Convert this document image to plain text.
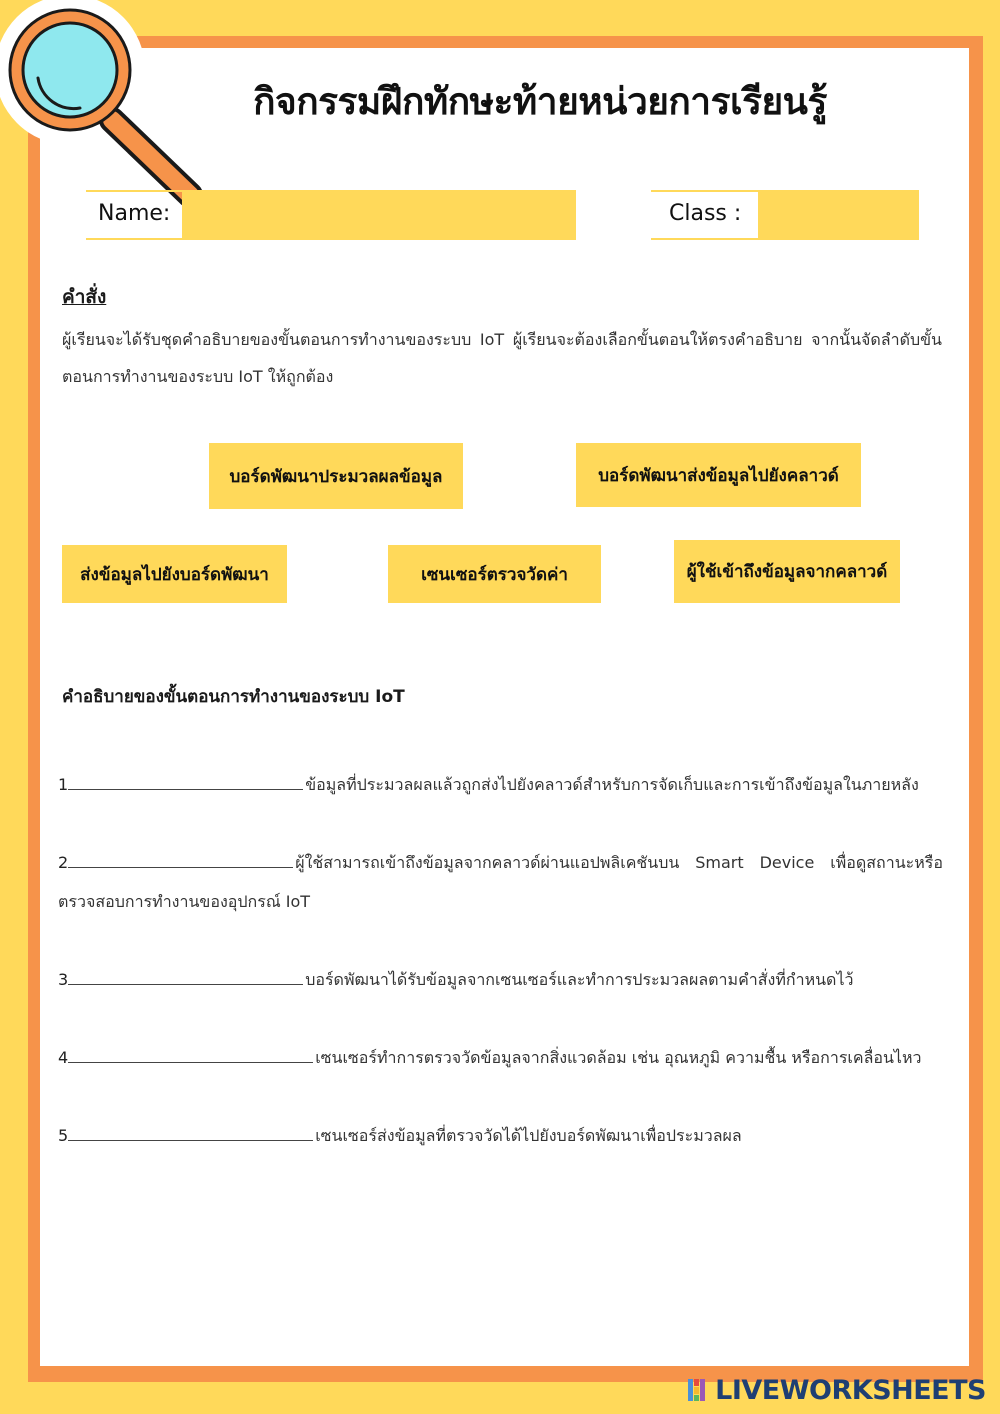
กิจกรรมฝึกทักษะท้ายหน่วยการเรียนรู้
Name:	Class :
คำสั่ง
ผู้เรียนจะได้รับชุดคำอธิบายของขั้นตอนการทำงานของระบบ IoT ผู้เรียนจะต้องเลือกขั้นตอนให้ตรงคำอธิบาย จากนั้นจัดลำดับขั้นตอนการทำงานของระบบ IoT ให้ถูกต้อง
บอร์ดพัฒนาประมวลผลข้อมูล	บอร์ดพัฒนาส่งข้อมูลไปยังคลาวด์
ส่งข้อมูลไปยังบอร์ดพัฒนา	เซนเซอร์ตรวจวัดค่า	ผู้ใช้เข้าถึงข้อมูลจากคลาวด์
คำอธิบายของขั้นตอนการทำงานของระบบ IoT
1	ข้อมูลที่ประมวลผลแล้วถูกส่งไปยังคลาวด์สำหรับการจัดเก็บและการเข้าถึงข้อมูลในภายหลัง
2	ผู้ใช้สามารถเข้าถึงข้อมูลจากคลาวด์ผ่านแอปพลิเคชันบน Smart Device เพื่อดูสถานะหรือตรวจสอบการทำงานของอุปกรณ์ IoT
3	บอร์ดพัฒนาได้รับข้อมูลจากเซนเซอร์และทำการประมวลผลตามคำสั่งที่กำหนดไว้
4	เซนเซอร์ทำการตรวจวัดข้อมูลจากสิ่งแวดล้อม เช่น อุณหภูมิ ความชื้น หรือการเคลื่อนไหว
5	เซนเซอร์ส่งข้อมูลที่ตรวจวัดได้ไปยังบอร์ดพัฒนาเพื่อประมวลผล
LIVEWORKSHEETS
